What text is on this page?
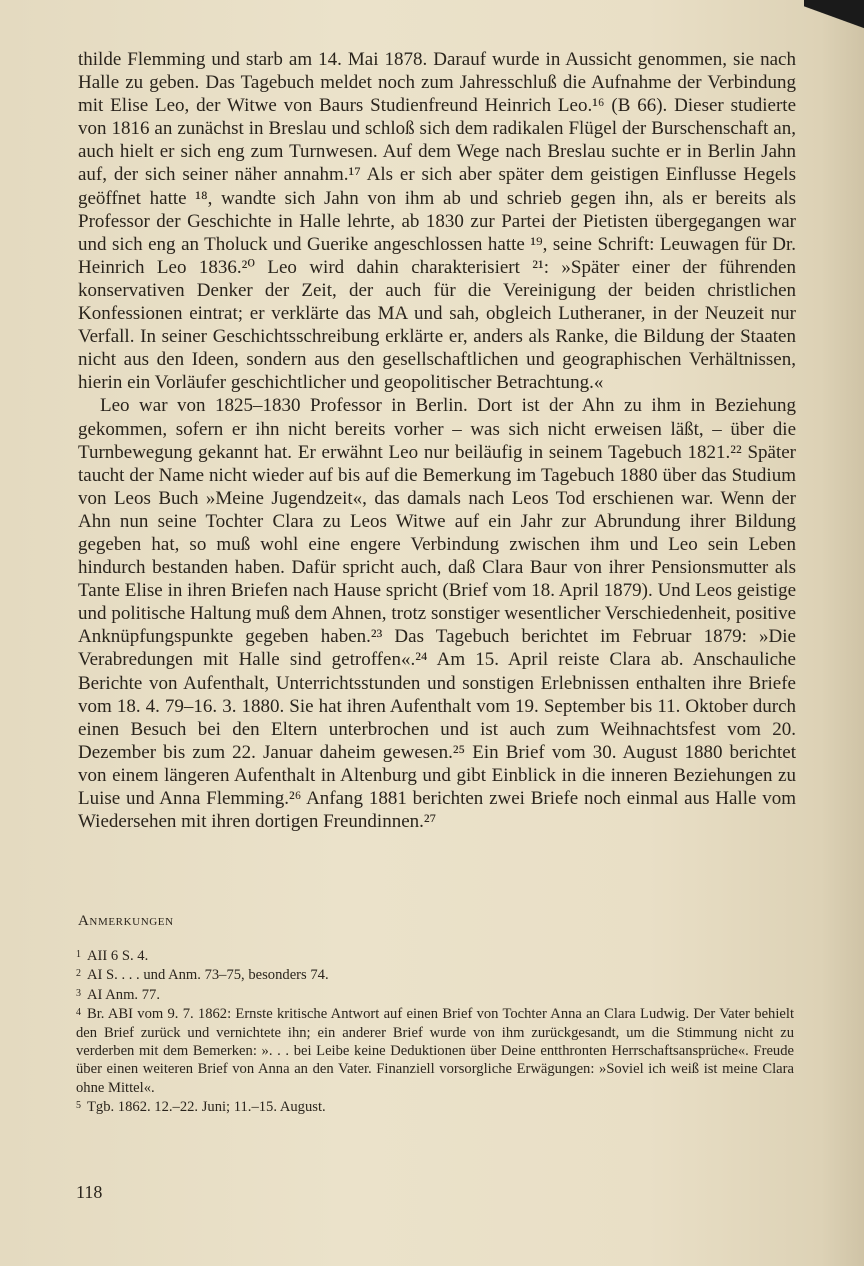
thilde Flemming und starb am 14. Mai 1878. Darauf wurde in Aussicht genommen, sie nach Halle zu geben. Das Tagebuch meldet noch zum Jahresschluß die Aufnahme der Verbindung mit Elise Leo, der Witwe von Baurs Studienfreund Heinrich Leo.¹⁶ (B 66). Dieser studierte von 1816 an zunächst in Breslau und schloß sich dem radikalen Flügel der Burschenschaft an, auch hielt er sich eng zum Turnwesen. Auf dem Wege nach Breslau suchte er in Berlin Jahn auf, der sich seiner näher annahm.¹⁷ Als er sich aber später dem geistigen Einflusse Hegels geöffnet hatte ¹⁸, wandte sich Jahn von ihm ab und schrieb gegen ihn, als er bereits als Professor der Geschichte in Halle lehrte, ab 1830 zur Partei der Pietisten übergegangen war und sich eng an Tholuck und Guerike angeschlossen hatte ¹⁹, seine Schrift: Leuwagen für Dr. Heinrich Leo 1836.²⁰ Leo wird dahin charakterisiert ²¹: »Später einer der führenden konservativen Denker der Zeit, der auch für die Vereinigung der beiden christlichen Konfessionen eintrat; er verklärte das MA und sah, obgleich Lutheraner, in der Neuzeit nur Verfall. In seiner Geschichtsschreibung erklärte er, anders als Ranke, die Bildung der Staaten nicht aus den Ideen, sondern aus den gesellschaftlichen und geographischen Verhältnissen, hierin ein Vorläufer geschichtlicher und geopolitischer Betrachtung.«

Leo war von 1825–1830 Professor in Berlin. Dort ist der Ahn zu ihm in Beziehung gekommen, sofern er ihn nicht bereits vorher – was sich nicht erweisen läßt, – über die Turnbewegung gekannt hat. Er erwähnt Leo nur beiläufig in seinem Tagebuch 1821.²² Später taucht der Name nicht wieder auf bis auf die Bemerkung im Tagebuch 1880 über das Studium von Leos Buch »Meine Jugendzeit«, das damals nach Leos Tod erschienen war. Wenn der Ahn nun seine Tochter Clara zu Leos Witwe auf ein Jahr zur Abrundung ihrer Bildung gegeben hat, so muß wohl eine engere Verbindung zwischen ihm und Leo sein Leben hindurch bestanden haben. Dafür spricht auch, daß Clara Baur von ihrer Pensionsmutter als Tante Elise in ihren Briefen nach Hause spricht (Brief vom 18. April 1879). Und Leos geistige und politische Haltung muß dem Ahnen, trotz sonstiger wesentlicher Verschiedenheit, positive Anknüpfungspunkte gegeben haben.²³ Das Tagebuch berichtet im Februar 1879: »Die Verabredungen mit Halle sind getroffen«.²⁴ Am 15. April reiste Clara ab. Anschauliche Berichte von Aufenthalt, Unterrichtsstunden und sonstigen Erlebnissen enthalten ihre Briefe vom 18. 4. 79–16. 3. 1880. Sie hat ihren Aufenthalt vom 19. September bis 11. Oktober durch einen Besuch bei den Eltern unterbrochen und ist auch zum Weihnachtsfest vom 20. Dezember bis zum 22. Januar daheim gewesen.²⁵ Ein Brief vom 30. August 1880 berichtet von einem längeren Aufenthalt in Altenburg und gibt Einblick in die inneren Beziehungen zu Luise und Anna Flemming.²⁶ Anfang 1881 berichten zwei Briefe noch einmal aus Halle vom Wiedersehen mit ihren dortigen Freundinnen.²⁷

Anmerkungen

$^1$ AII 6 S. 4.

$^2$ AI S. . . . und Anm. 73–75, besonders 74.

$^3$ AI Anm. 77.

$^4$ Br. ABI vom 9. 7. 1862: Ernste kritische Antwort auf einen Brief von Tochter Anna an Clara Ludwig. Der Vater behielt den Brief zurück und vernichtete ihn; ein anderer Brief wurde von ihm zurückgesandt, um die Stimmung nicht zu verderben mit dem Bemerken: ». . . bei Leibe keine Deduktionen über Deine entthronten Herrschaftsansprüche«. Freude über einen weiteren Brief von Anna an den Vater. Finanziell vorsorgliche Erwägungen: »Soviel ich weiß ist meine Clara ohne Mittel«.

$^5$ Tgb. 1862. 12.–22. Juni; 11.–15. August.

118
